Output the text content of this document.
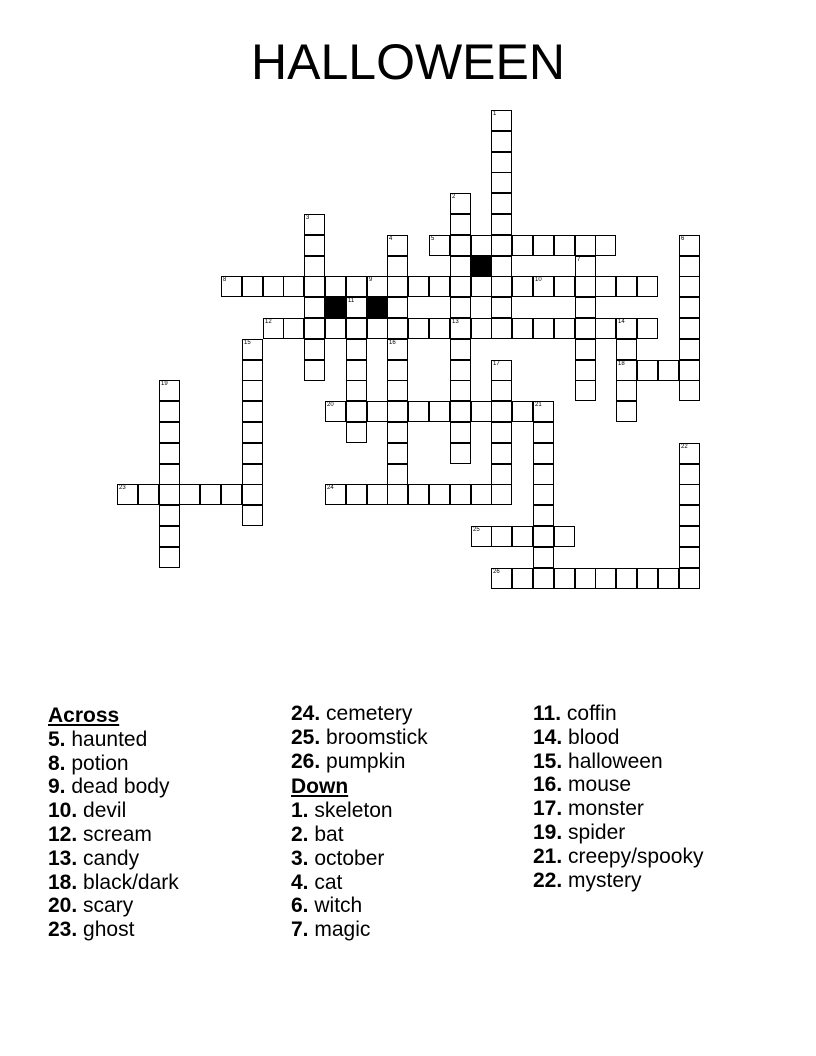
HALLOWEEN
5
8	9	10
12	13	14
18
20	21
23	24
25
26
1
2
3
4	6
7
11
15	16
17
19
22
Across
5. haunted
8. potion
9. dead body
10. devil
12. scream
13. candy
18. black/dark
20. scary
23. ghost
24. cemetery
25. broomstick
26. pumpkin
Down
1. skeleton
2. bat
3. october
4. cat
6. witch
7. magic
11. coffin
14. blood
15. halloween
16. mouse
17. monster
19. spider
21. creepy/spooky
22. mystery
